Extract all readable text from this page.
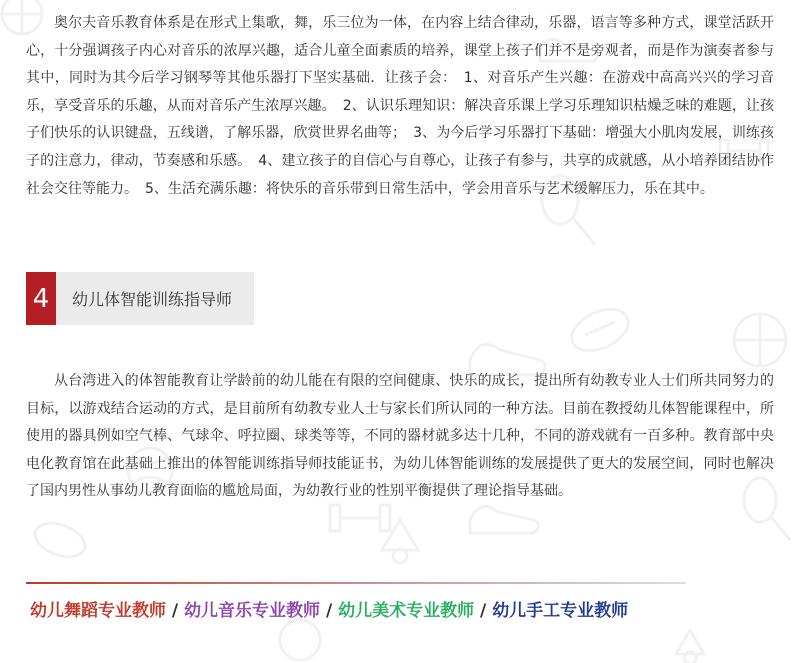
奥尔夫音乐教育体系是在形式上集歌，舞，乐三位为一体，在内容上结合律动，乐器，语言等多种方式，课堂活跃开心，十分强调孩子内心对音乐的浓厚兴趣，适合儿童全面素质的培养，课堂上孩子们并不是旁观者，而是作为演奏者参与其中，同时为其今后学习钢琴等其他乐器打下坚实基础．让孩子会：　1、对音乐产生兴趣：在游戏中高高兴兴的学习音乐，享受音乐的乐趣，从而对音乐产生浓厚兴趣。　2、认识乐理知识：解决音乐课上学习乐理知识枯燥乏味的难题，让孩子们快乐的认识键盘，五线谱，了解乐器，欣赏世界名曲等；　3、为今后学习乐器打下基础：增强大小肌肉发展，训练孩子的注意力，律动，节奏感和乐感。　4、建立孩子的自信心与自尊心，让孩子有参与，共享的成就感，从小培养团结协作社会交往等能力。　5、生活充满乐趣：将快乐的音乐带到日常生活中，学会用音乐与艺术缓解压力，乐在其中。

4	幼儿体智能训练指导师

从台湾进入的体智能教育让学龄前的幼儿能在有限的空间健康、快乐的成长，提出所有幼教专业人士们所共同努力的目标，以游戏结合运动的方式，是目前所有幼教专业人士与家长们所认同的一种方法。目前在教授幼儿体智能课程中，所使用的器具例如空气棒、气球伞、呼拉圈、球类等等，不同的器材就多达十几种，不同的游戏就有一百多种。教育部中央电化教育馆在此基础上推出的体智能训练指导师技能证书，为幼儿体智能训练的发展提供了更大的发展空间，同时也解决了国内男性从事幼儿教育面临的尴尬局面，为幼教行业的性别平衡提供了理论指导基础。

幼儿舞蹈专业教师 / 幼儿音乐专业教师 / 幼儿美术专业教师 / 幼儿手工专业教师
